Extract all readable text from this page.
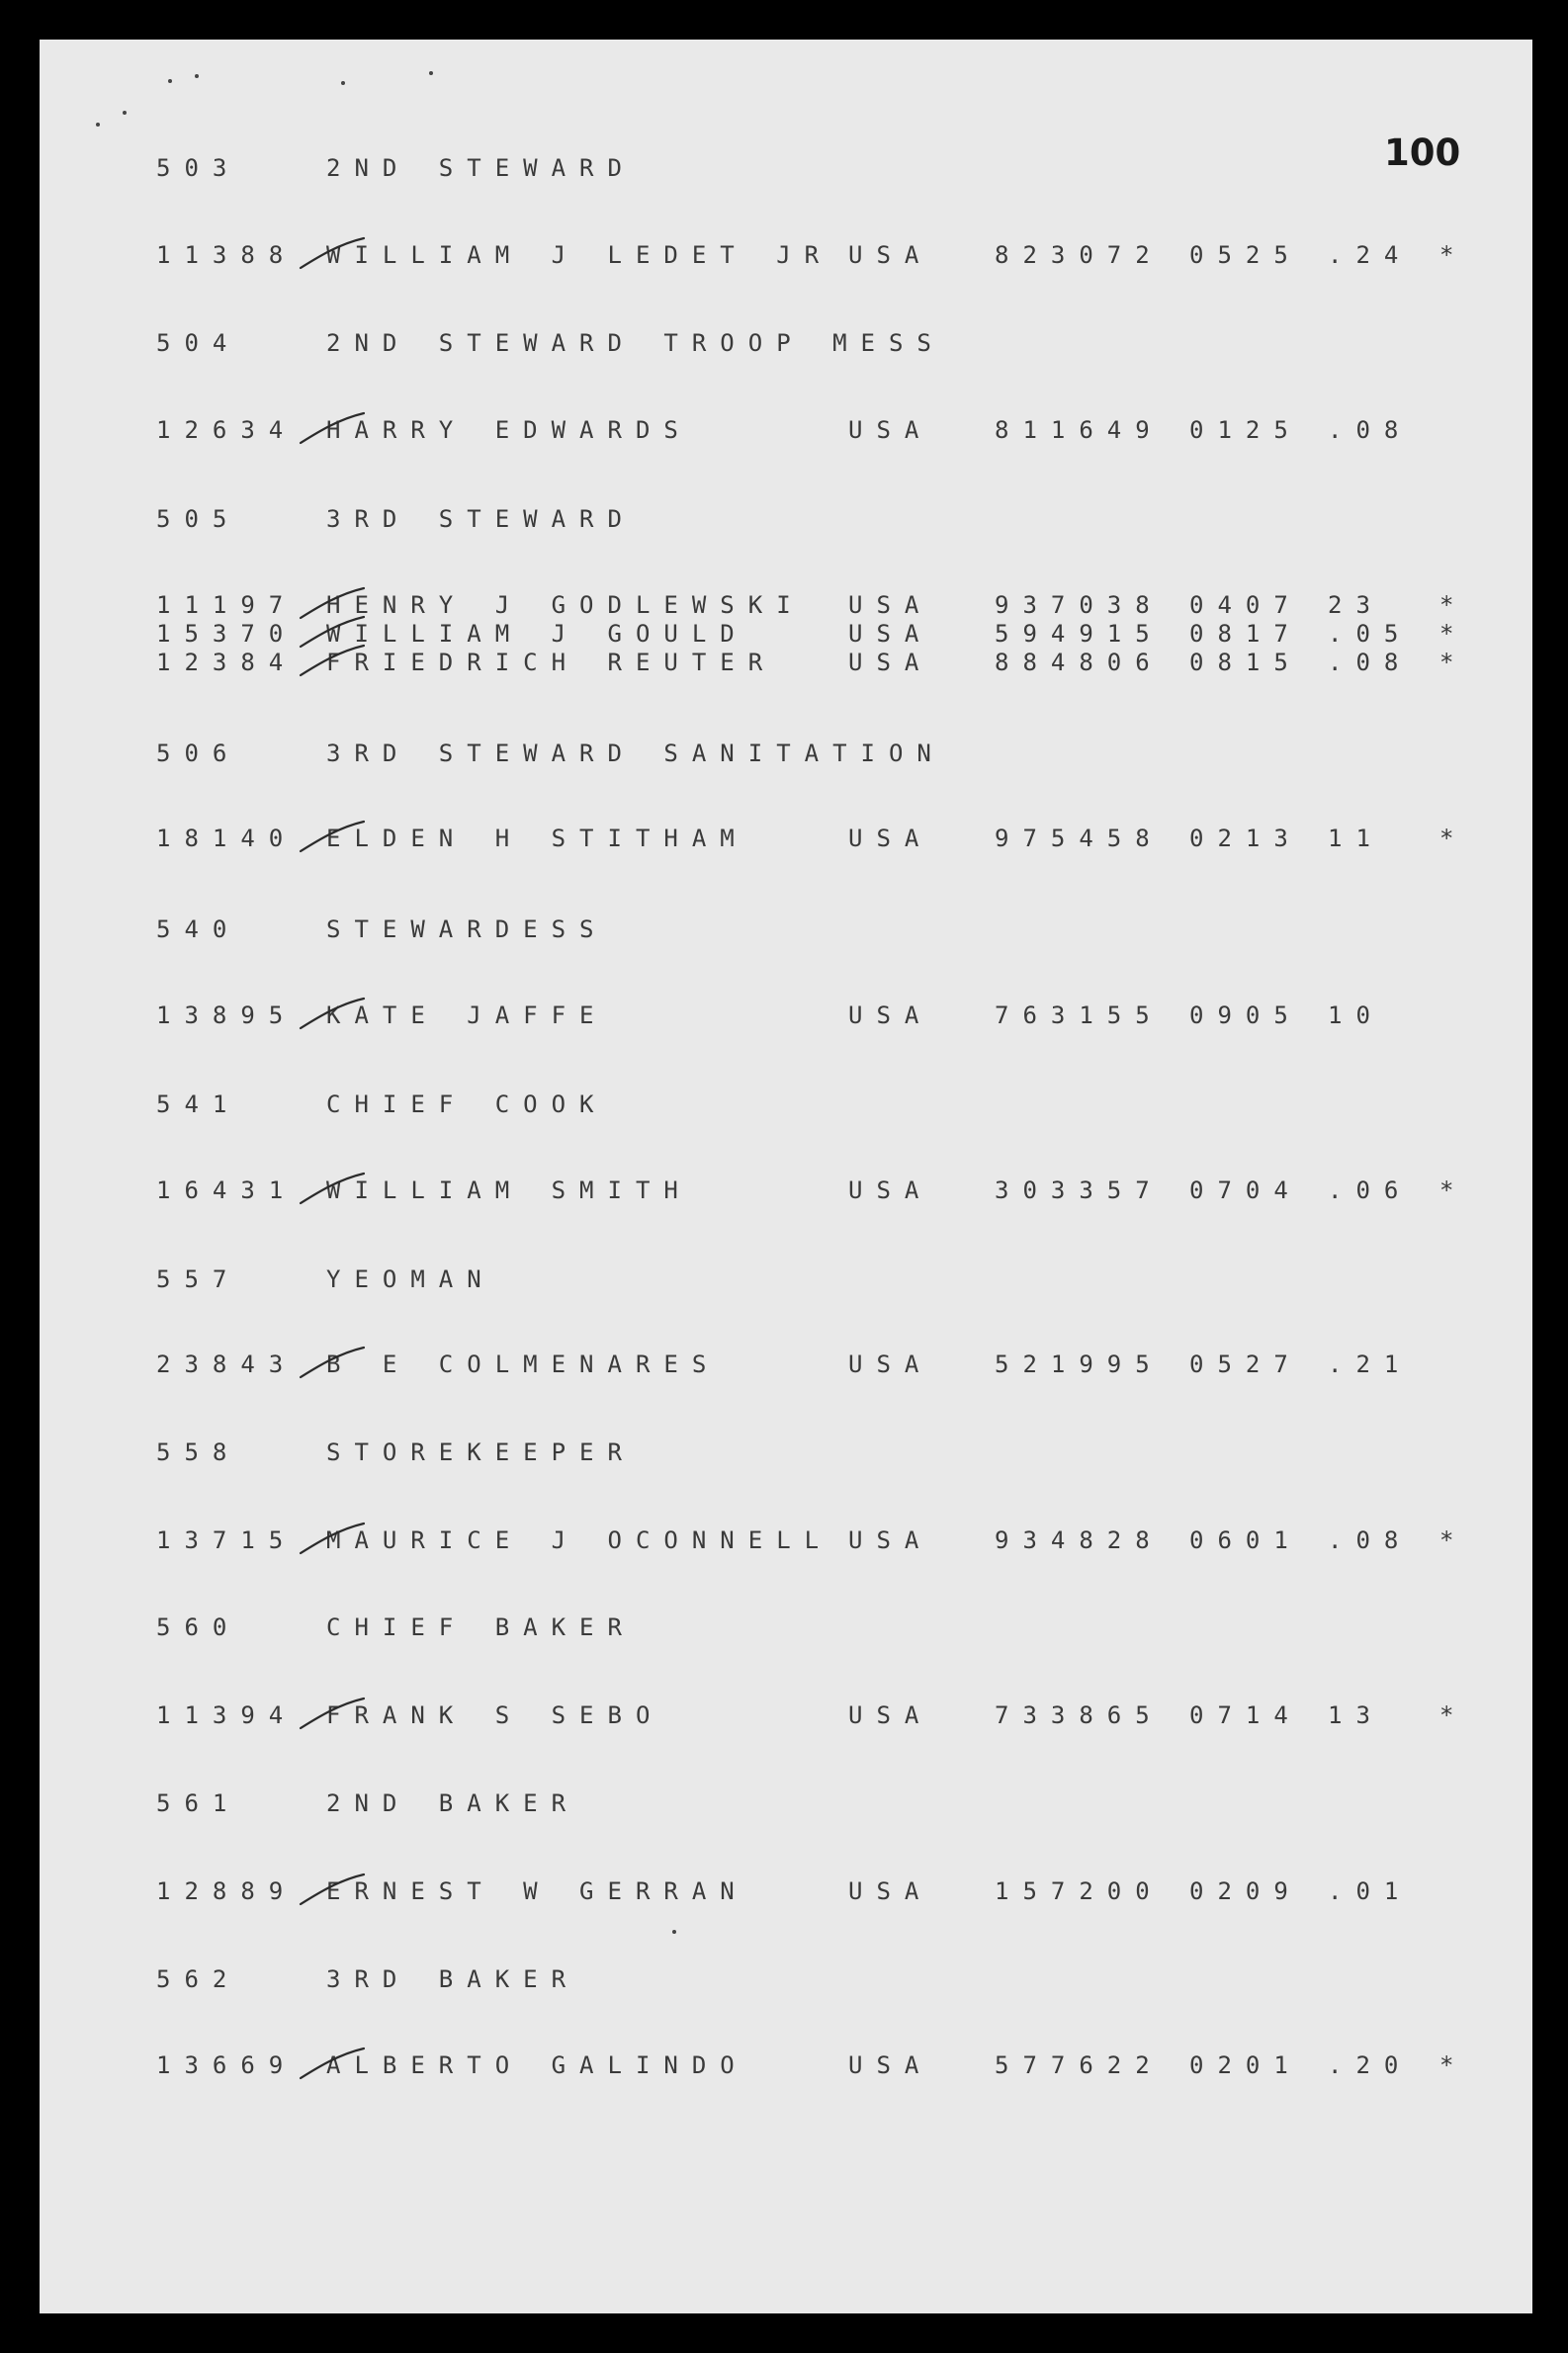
100
503	2ND STEWARD
11388 WILLIAM J LEDET JR USA	823072 0525 .24 *
504	2ND STEWARD TROOP MESS
12634 HARRY EDWARDS	USA	811649 0125 .08
505	3RD STEWARD
11197 HENRY J GODLEWSKI USA	937038 0407 23 *
15370 WILLIAM J GOULD	USA	594915 0817 .05 *
12384 FRIEDRICH REUTER	USA	884806 0815 .08 *
506	3RD STEWARD SANITATION
18140 ELDEN H STITHAM	USA	975458 0213 11 *
540	STEWARDESS
13895 KATE JAFFE	USA	763155 0905 10
541	CHIEF COOK
16431 WILLIAM SMITH	USA	303357 0704 .06 *
557	YEOMAN
23843 B E COLMENARES	USA	521995 0527 .21
558	STOREKEEPER
13715 MAURICE J OCONNELL USA	934828 0601 .08 *
560	CHIEF BAKER
11394 FRANK S SEBO	USA	733865 0714 13 *
561	2ND BAKER
12889 ERNEST W GERRAN	USA	157200 0209 .01
562	3RD BAKER
13669 ALBERTO GALINDO	USA	577622 0201 .20 *
